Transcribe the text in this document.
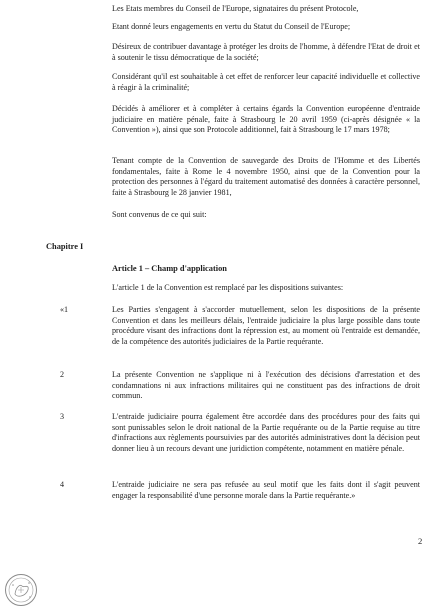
Les Etats membres du Conseil de l'Europe, signataires du présent Protocole,

Etant donné leurs engagements en vertu du Statut du Conseil de l'Europe;

Désireux de contribuer davantage à protéger les droits de l'homme, à défendre l'Etat de droit et à soutenir le tissu démocratique de la société;

Considérant qu'il est souhaitable à cet effet de renforcer leur capacité individuelle et collective à réagir à la criminalité;

Décidés à améliorer et à compléter à certains égards la Convention européenne d'entraide judiciaire en matière pénale, faite à Strasbourg le 20 avril 1959 (ci-après désignée « la Convention »), ainsi que son Protocole additionnel, fait à Strasbourg le 17 mars 1978;

Tenant compte de la Convention de sauvegarde des Droits de l'Homme et des Libertés fondamentales, faite à Rome le 4 novembre 1950, ainsi que de la Convention pour la protection des personnes à l'égard du traitement automatisé des données à caractère personnel, faite à Strasbourg le 28 janvier 1981,

Sont convenus de ce qui suit:

Chapitre I

Article 1 – Champ d'application

L'article 1 de la Convention est remplacé par les dispositions suivantes:

«1	Les Parties s'engagent à s'accorder mutuellement, selon les dispositions de la présente Convention et dans les meilleurs délais, l'entraide judiciaire la plus large possible dans toute procédure visant des infractions dont la répression est, au moment où l'entraide est demandée, de la compétence des autorités judiciaires de la Partie requérante.

2	La présente Convention ne s'applique ni à l'exécution des décisions d'arrestation et des condamnations ni aux infractions militaires qui ne constituent pas des infractions de droit commun.

3	L'entraide judiciaire pourra également être accordée dans des procédures pour des faits qui sont punissables selon le droit national de la Partie requérante ou de la Partie requise au titre d'infractions aux règlements poursuivies par des autorités administratives dont la décision peut donner lieu à un recours devant une juridiction compétente, notamment en matière pénale.

4	L'entraide judiciaire ne sera pas refusée au seul motif que les faits dont il s'agit peuvent engager la responsabilité d'une personne morale dans la Partie requérante.»

2
